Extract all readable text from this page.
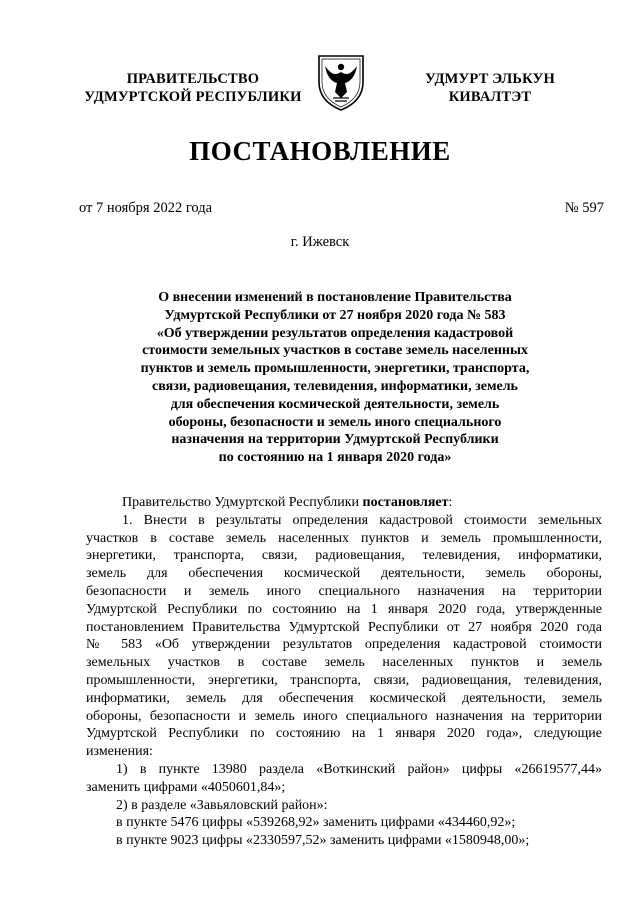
ПРАВИТЕЛЬСТВО
УДМУРТСКОЙ РЕСПУБЛИКИ
УДМУРТ ЭЛЬКУН
КИВАЛТЭТ
ПОСТАНОВЛЕНИЕ
от 7 ноября 2022 года	№ 597
г. Ижевск
О внесении изменений в постановление Правительства
Удмуртской Республики от 27 ноября 2020 года № 583
«Об утверждении результатов определения кадастровой
стоимости земельных участков в составе земель населенных
пунктов и земель промышленности, энергетики, транспорта,
связи, радиовещания, телевидения, информатики, земель
для обеспечения космической деятельности, земель
обороны, безопасности и земель иного специального
назначения на территории Удмуртской Республики
по состоянию на 1 января 2020 года»
Правительство Удмуртской Республики постановляет:
1. Внести в результаты определения кадастровой стоимости земельных
участков в составе земель населенных пунктов и земель промышленности,
энергетики, транспорта, связи, радиовещания, телевидения, информатики,
земель для обеспечения космической деятельности, земель обороны,
безопасности и земель иного специального назначения на территории
Удмуртской Республики по состоянию на 1 января 2020 года, утвержденные
постановлением Правительства Удмуртской Республики от 27 ноября 2020 года
№ 583 «Об утверждении результатов определения кадастровой стоимости
земельных участков в составе земель населенных пунктов и земель
промышленности, энергетики, транспорта, связи, радиовещания, телевидения,
информатики, земель для обеспечения космической деятельности, земель
обороны, безопасности и земель иного специального назначения на территории
Удмуртской Республики по состоянию на 1 января 2020 года», следующие
изменения:
1) в пункте 13980 раздела «Воткинский район» цифры «26619577,44»
заменить цифрами «4050601,84»;
2) в разделе «Завьяловский район»:
в пункте 5476 цифры «539268,92» заменить цифрами «434460,92»;
в пункте 9023 цифры «2330597,52» заменить цифрами «1580948,00»;
